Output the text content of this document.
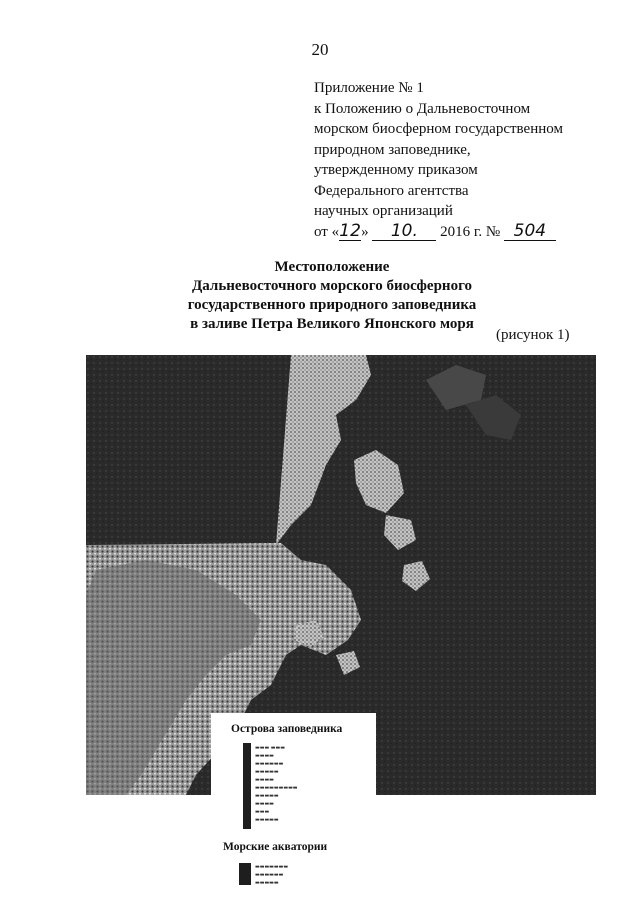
20
Приложение № 1
к Положению о Дальневосточном
морском биосферном государственном
природном заповеднике,
утвержденному приказом
Федерального агентства
научных организаций
от «12» 10. 2016 г. № 504
Местоположение
Дальневосточного морского биосферного
государственного природного заповедника
в заливе Петра Великого Японского моря
(рисунок 1)
Острова заповедника
▬▬▬ ▬▬▬
▬▬▬▬
▬▬▬▬▬▬
▬▬▬▬▬
▬▬▬▬
▬▬▬▬▬▬▬▬▬
▬▬▬▬▬
▬▬▬▬
▬▬▬
▬▬▬▬▬
Морские акватории
▬▬▬▬▬▬▬
▬▬▬▬▬▬
▬▬▬▬▬
